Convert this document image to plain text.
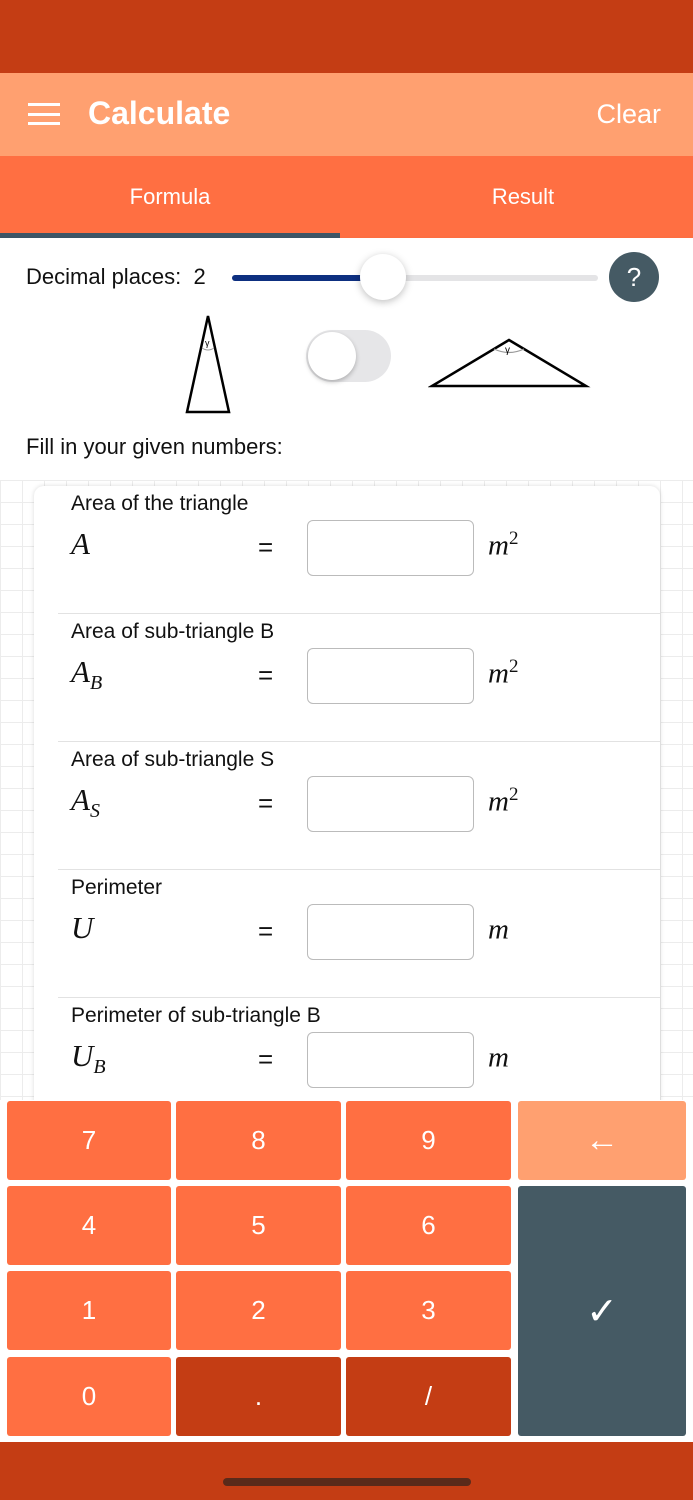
Calculate	Clear
Formula	Result
Decimal places: 2	?
γ
γ
Fill in your given numbers:
Area of the triangle
A	=	$m^2$
Area of sub-triangle B
$A_B$	=	$m^2$
Area of sub-triangle S
$A_S$	=	$m^2$
Perimeter
U	=	m
Perimeter of sub-triangle B
$U_B$	=	m
7	8	9
4	5	6
1	2	3
0	.	/
←
✓
